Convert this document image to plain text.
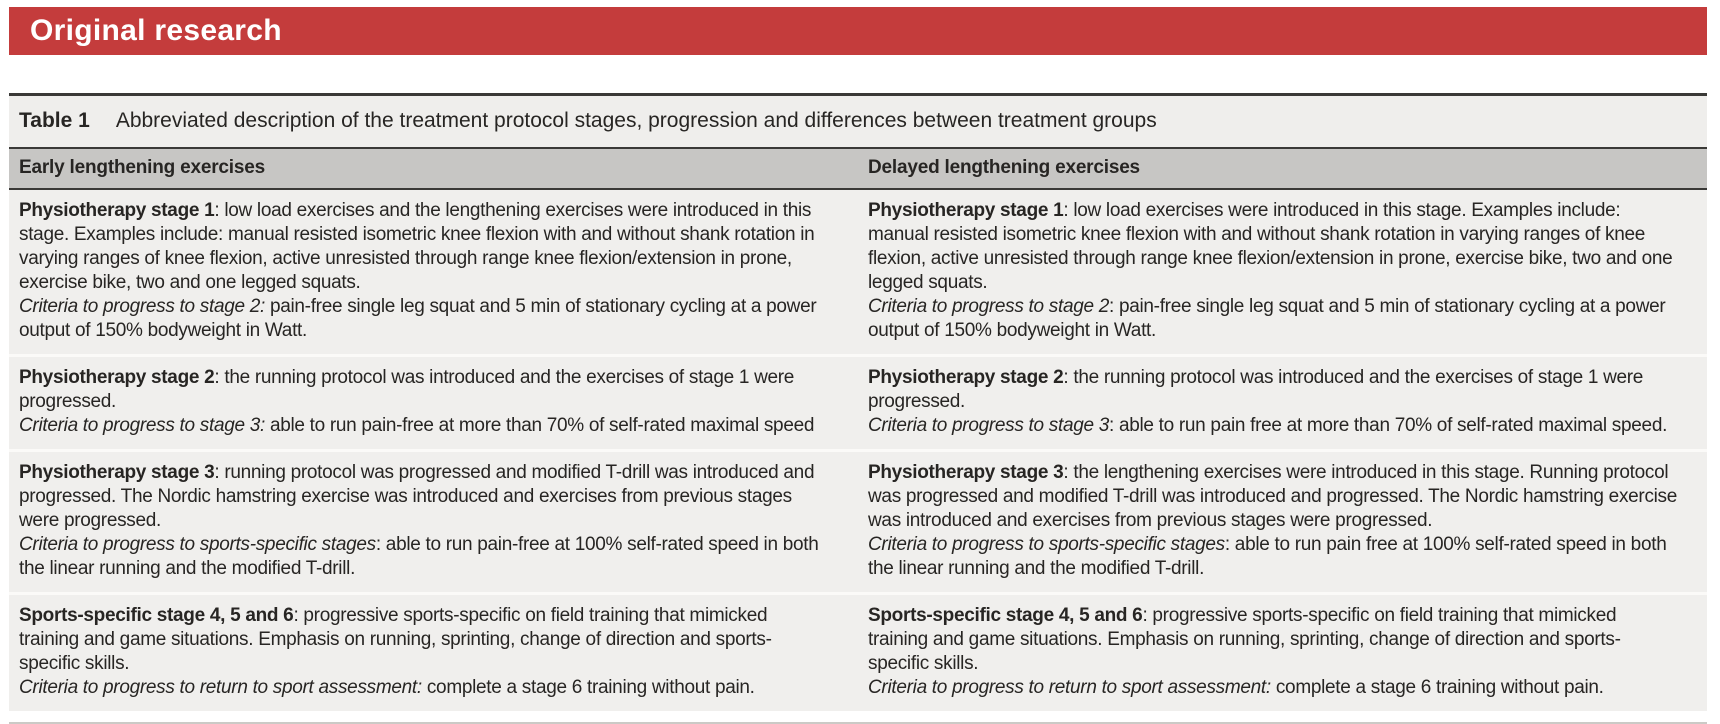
Original research
Table 1 Abbreviated description of the treatment protocol stages, progression and differences between treatment groups
Early lengthening exercises	Delayed lengthening exercises

Physiotherapy stage 1: low load exercises and the lengthening exercises were introduced in this stage. Examples include: manual resisted isometric knee flexion with and without shank rotation in varying ranges of knee flexion, active unresisted through range knee flexion/extension in prone, exercise bike, two and one legged squats.

Criteria to progress to stage 2: pain-free single leg squat and 5 min of stationary cycling at a power output of 150% bodyweight in Watt.

Physiotherapy stage 1: low load exercises were introduced in this stage. Examples include: manual resisted isometric knee flexion with and without shank rotation in varying ranges of knee flexion, active unresisted through range knee flexion/extension in prone, exercise bike, two and one legged squats.

Criteria to progress to stage 2: pain-free single leg squat and 5 min of stationary cycling at a power output of 150% bodyweight in Watt.

Physiotherapy stage 2: the running protocol was introduced and the exercises of stage 1 were progressed.

Criteria to progress to stage 3: able to run pain-free at more than 70% of self-rated maximal speed

Physiotherapy stage 2: the running protocol was introduced and the exercises of stage 1 were progressed.

Criteria to progress to stage 3: able to run pain free at more than 70% of self-rated maximal speed.

Physiotherapy stage 3: running protocol was progressed and modified T-drill was introduced and progressed. The Nordic hamstring exercise was introduced and exercises from previous stages were progressed.

Criteria to progress to sports-specific stages: able to run pain-free at 100% self-rated speed in both the linear running and the modified T-drill.

Physiotherapy stage 3: the lengthening exercises were introduced in this stage. Running protocol was progressed and modified T-drill was introduced and progressed. The Nordic hamstring exercise was introduced and exercises from previous stages were progressed.

Criteria to progress to sports-specific stages: able to run pain free at 100% self-rated speed in both the linear running and the modified T-drill.

Sports-specific stage 4, 5 and 6: progressive sports-specific on field training that mimicked training and game situations. Emphasis on running, sprinting, change of direction and sports-specific skills.

Criteria to progress to return to sport assessment: complete a stage 6 training without pain.

Sports-specific stage 4, 5 and 6: progressive sports-specific on field training that mimicked training and game situations. Emphasis on running, sprinting, change of direction and sports-specific skills.

Criteria to progress to return to sport assessment: complete a stage 6 training without pain.
